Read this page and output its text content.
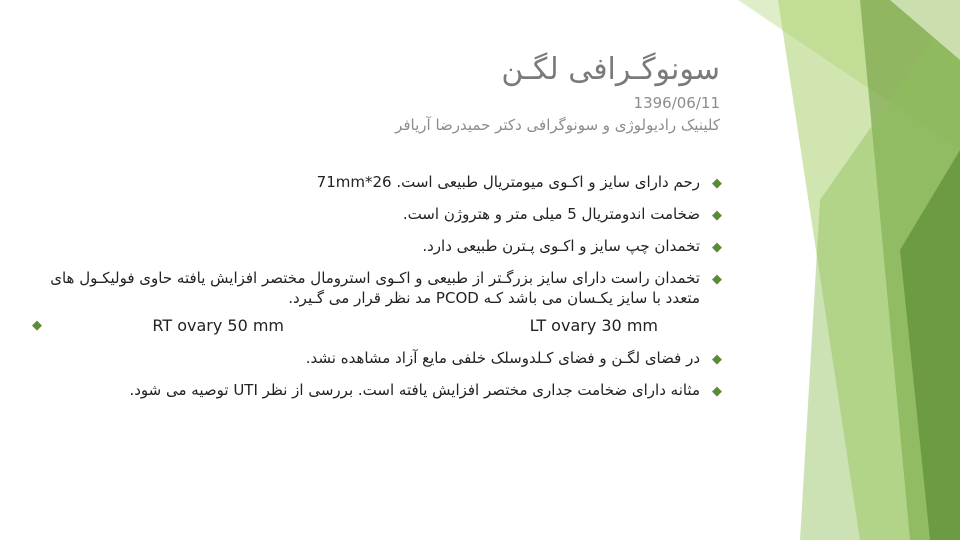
سونوگـرافی لگـن
1396/06/11
کلینیک رادیولوژی و سونوگرافی دکتر حمیدرضا آریافر
◆
رحم دارای سایز و اکـوی میومتریال طبیعی است. 26*71mm
◆
ضخامت اندومتریال 5 میلی متر و هتروژن است.
◆
تخمدان چپ سایز و اکـوی پـترن طبیعی دارد.
◆
تخمدان راست دارای سایز بزرگـتر از طبیعی و اکـوی استرومال مختصر افزایش یافته حاوی فولیکـول های متعدد با سایز یکـسان می باشد کـه PCOD مد نظر قرار می گـیرد.
LT ovary 30 mm
RT ovary 50 mm
◆
◆
در فضای لگـن و فضای کـلدوسلک خلفی مایع آزاد مشاهده نشد.
◆
مثانه دارای ضخامت جداری مختصر افزایش یافته است. بررسی از نظر UTI توصیه می شود.
